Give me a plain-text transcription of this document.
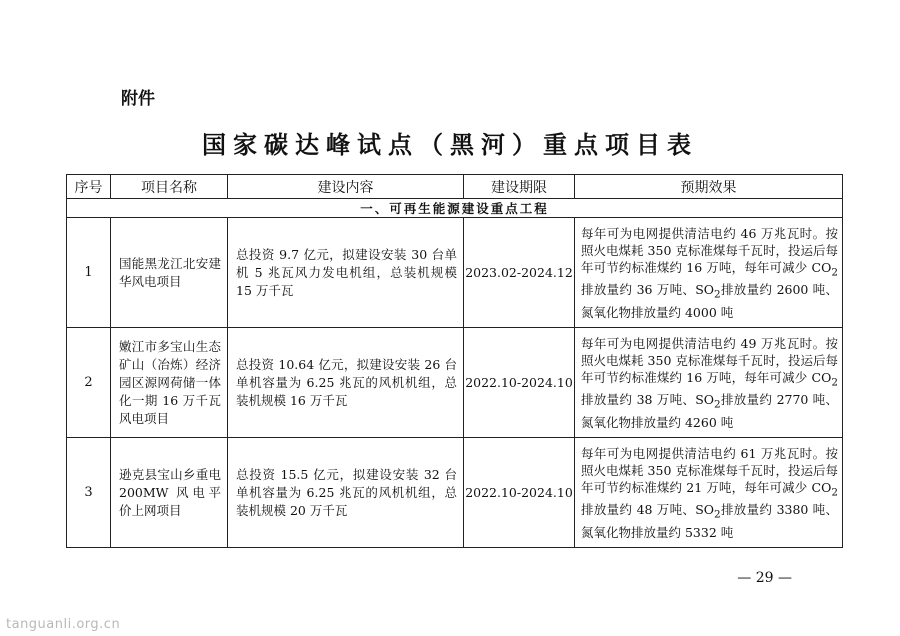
附件
国家碳达峰试点（黑河）重点项目表
序号	项目名称	建设内容	建设期限	预期效果
一、可再生能源建设重点工程				
1	国能黑龙江北安建华风电项目	总投资 9.7 亿元，拟建设安装 30 台单机 5 兆瓦风力发电机组，总装机规模 15 万千瓦	2023.02-2024.12	每年可为电网提供清洁电约 46 万兆瓦时。按照火电煤耗 350 克标准煤每千瓦时，投运后每年可节约标准煤约 16 万吨，每年可减少 $CO_2$排放量约 36 万吨、$SO_2$排放量约 2600 吨、氮氧化物排放量约 4000 吨
2	嫩江市多宝山生态矿山（冶炼）经济园区源网荷储一体化一期 16 万千瓦风电项目	总投资 10.64 亿元，拟建设安装 26 台单机容量为 6.25 兆瓦的风机机组，总装机规模 16 万千瓦	2022.10-2024.10	每年可为电网提供清洁电约 49 万兆瓦时。按照火电煤耗 350 克标准煤每千瓦时，投运后每年可节约标准煤约 16 万吨，每年可减少 $CO_2$排放量约 38 万吨、$SO_2$排放量约 2770 吨、氮氧化物排放量约 4260 吨
3	逊克县宝山乡重电 200MW 风电平价上网项目	总投资 15.5 亿元，拟建设安装 32 台单机容量为 6.25 兆瓦的风机机组，总装机规模 20 万千瓦	2022.10-2024.10	每年可为电网提供清洁电约 61 万兆瓦时。按照火电煤耗 350 克标准煤每千瓦时，投运后每年可节约标准煤约 21 万吨，每年可减少 $CO_2$排放量约 48 万吨、$SO_2$排放量约 3380 吨、氮氧化物排放量约 5332 吨
— 29 —
tanguanli.org.cn
